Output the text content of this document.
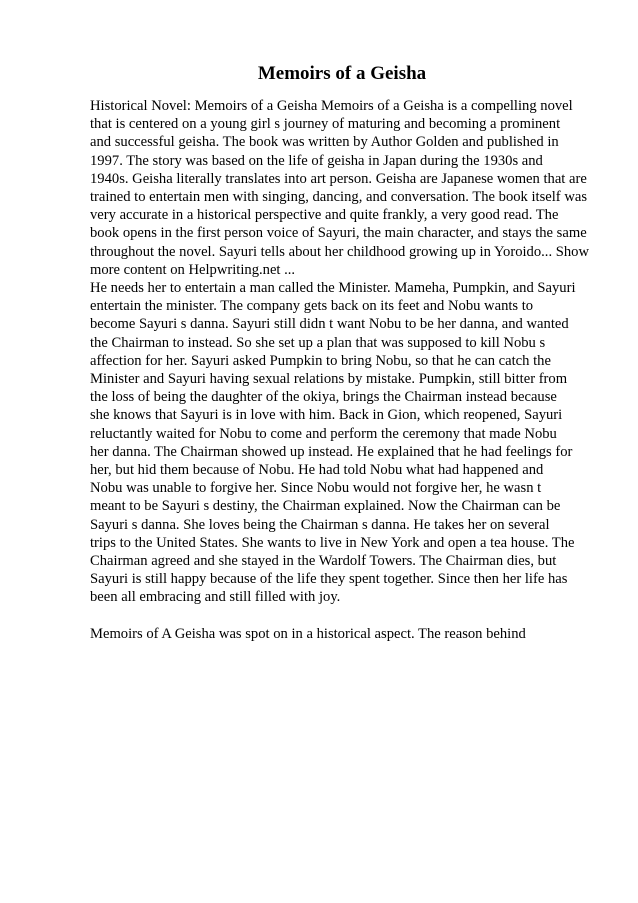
Memoirs of a Geisha
Historical Novel: Memoirs of a Geisha Memoirs of a Geisha is a compelling novel
that is centered on a young girl s journey of maturing and becoming a prominent
and successful geisha. The book was written by Author Golden and published in
1997. The story was based on the life of geisha in Japan during the 1930s and
1940s. Geisha literally translates into art person. Geisha are Japanese women that are
trained to entertain men with singing, dancing, and conversation. The book itself was
very accurate in a historical perspective and quite frankly, a very good read. The
book opens in the first person voice of Sayuri, the main character, and stays the same
throughout the novel. Sayuri tells about her childhood growing up in Yoroido... Show
more content on Helpwriting.net ...
He needs her to entertain a man called the Minister. Mameha, Pumpkin, and Sayuri
entertain the minister. The company gets back on its feet and Nobu wants to
become Sayuri s danna. Sayuri still didn t want Nobu to be her danna, and wanted
the Chairman to instead. So she set up a plan that was supposed to kill Nobu s
affection for her. Sayuri asked Pumpkin to bring Nobu, so that he can catch the
Minister and Sayuri having sexual relations by mistake. Pumpkin, still bitter from
the loss of being the daughter of the okiya, brings the Chairman instead because
she knows that Sayuri is in love with him. Back in Gion, which reopened, Sayuri
reluctantly waited for Nobu to come and perform the ceremony that made Nobu
her danna. The Chairman showed up instead. He explained that he had feelings for
her, but hid them because of Nobu. He had told Nobu what had happened and
Nobu was unable to forgive her. Since Nobu would not forgive her, he wasn t
meant to be Sayuri s destiny, the Chairman explained. Now the Chairman can be
Sayuri s danna. She loves being the Chairman s danna. He takes her on several
trips to the United States. She wants to live in New York and open a tea house. The
Chairman agreed and she stayed in the Wardolf Towers. The Chairman dies, but
Sayuri is still happy because of the life they spent together. Since then her life has
been all embracing and still filled with joy.
Memoirs of A Geisha was spot on in a historical aspect. The reason behind
